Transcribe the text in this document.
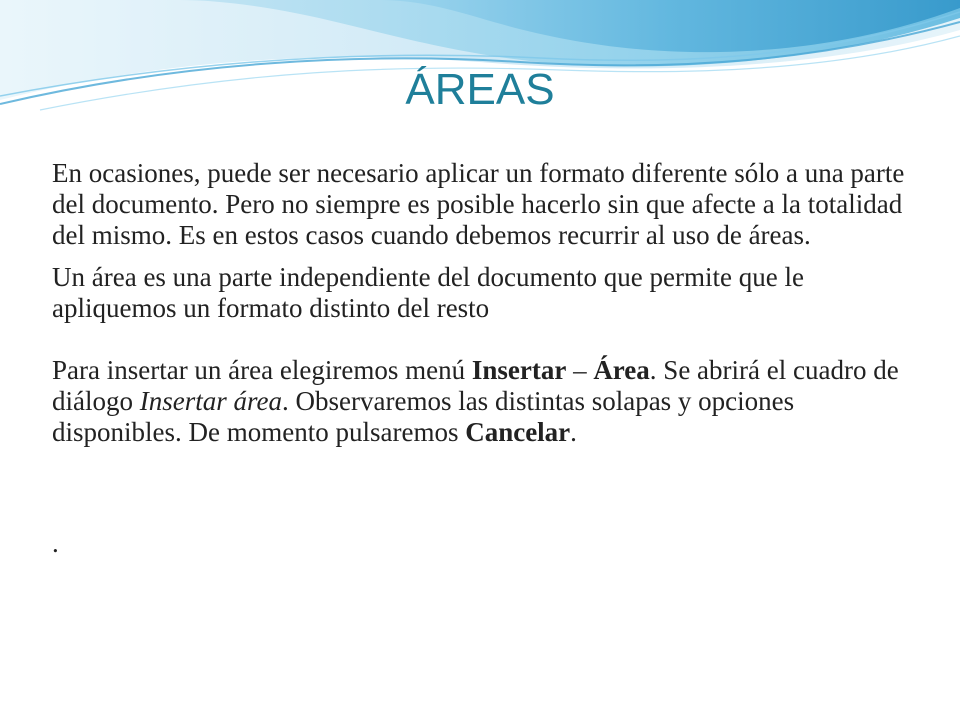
ÁREAS

En ocasiones, puede ser necesario aplicar un formato diferente sólo a una parte del documento. Pero no siempre es posible hacerlo sin que afecte a la totalidad del mismo. Es en estos casos cuando debemos recurrir al uso de áreas.

Un área es una parte independiente del documento que permite que le apliquemos un formato distinto del resto

Para insertar un área elegiremos menú Insertar – Área. Se abrirá el cuadro de diálogo Insertar área. Observaremos las distintas solapas y opciones disponibles. De momento pulsaremos Cancelar.

.
